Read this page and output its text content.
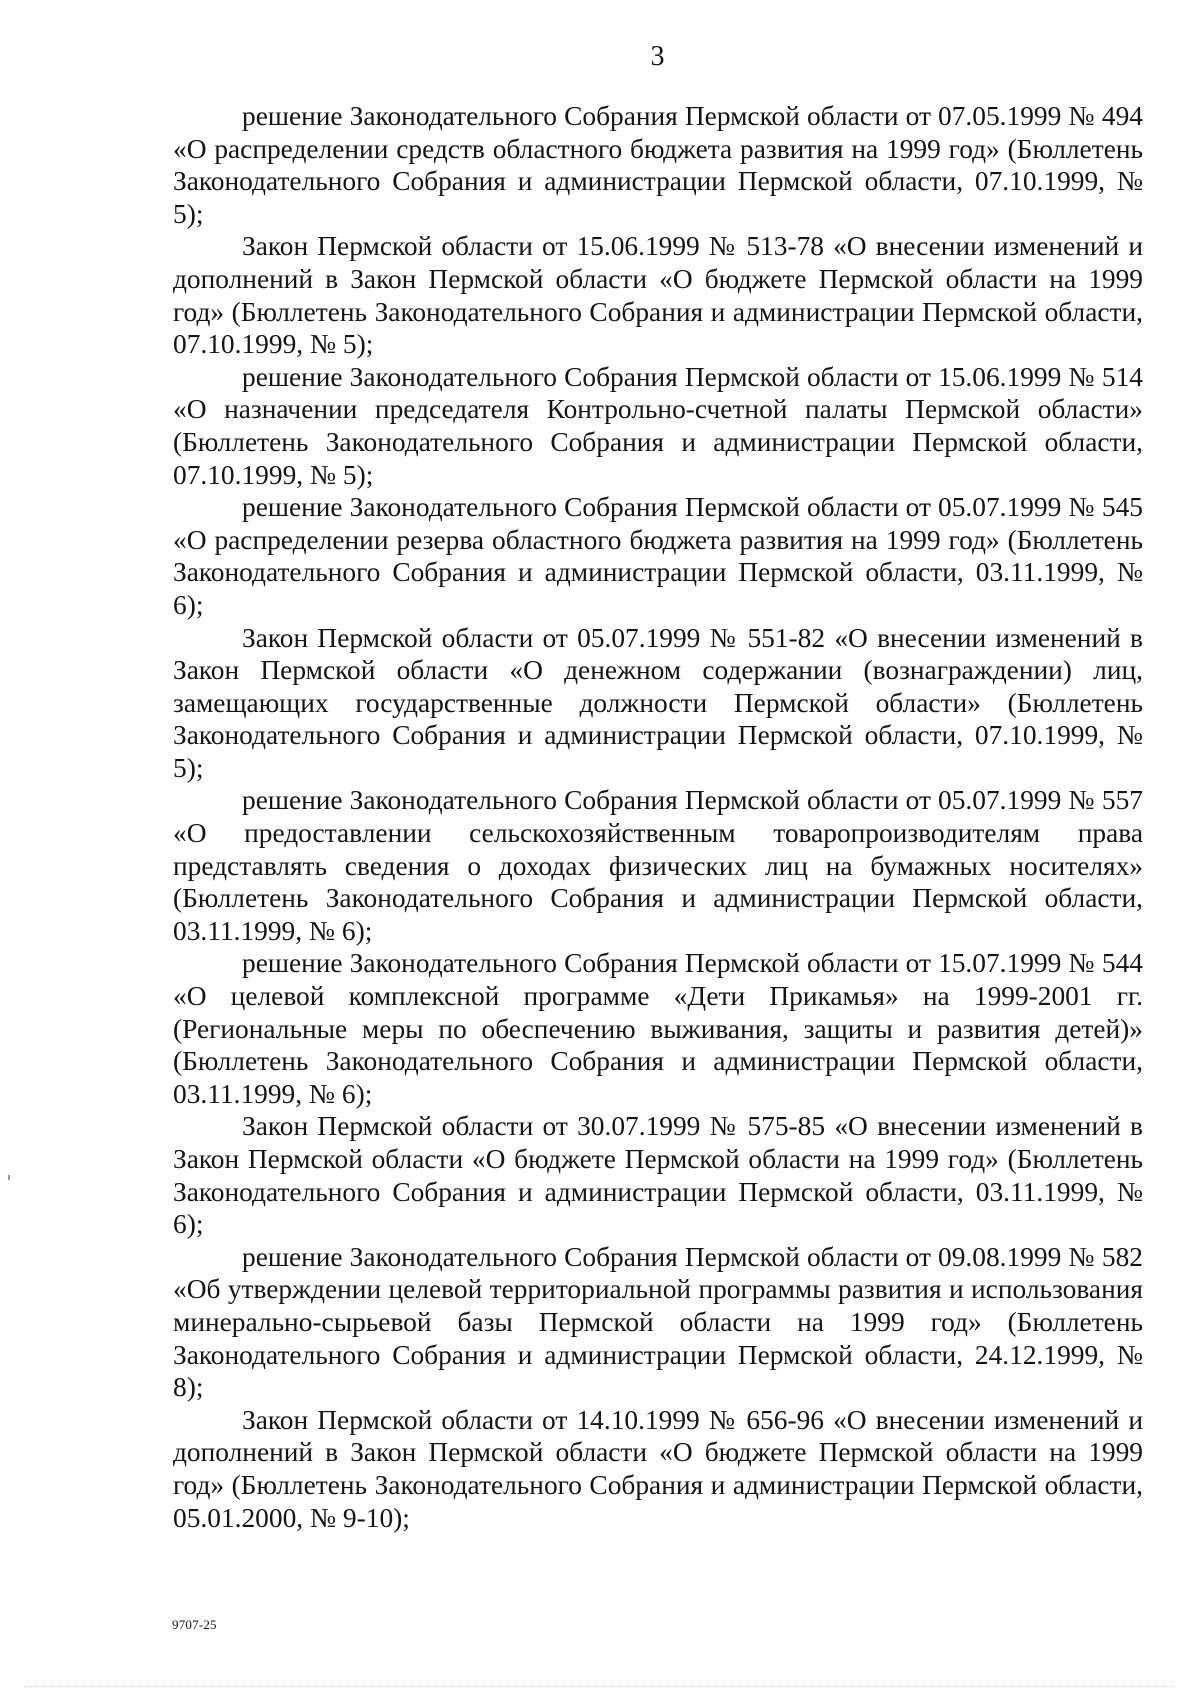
3

решение Законодательного Собрания Пермской области от 07.05.1999 № 494 «О распределении средств областного бюджета развития на 1999 год» (Бюллетень Законодательного Собрания и администрации Пермской области, 07.10.1999, № 5);

Закон Пермской области от 15.06.1999 № 513-78 «О внесении изменений и дополнений в Закон Пермской области «О бюджете Пермской области на 1999 год» (Бюллетень Законодательного Собрания и администрации Пермской области, 07.10.1999, № 5);

решение Законодательного Собрания Пермской области от 15.06.1999 № 514 «О назначении председателя Контрольно-счетной палаты Пермской области» (Бюллетень Законодательного Собрания и администрации Пермской области, 07.10.1999, № 5);

решение Законодательного Собрания Пермской области от 05.07.1999 № 545 «О распределении резерва областного бюджета развития на 1999 год» (Бюллетень Законодательного Собрания и администрации Пермской области, 03.11.1999, № 6);

Закон Пермской области от 05.07.1999 № 551-82 «О внесении изменений в Закон Пермской области «О денежном содержании (вознаграждении) лиц, замещающих государственные должности Пермской области» (Бюллетень Законодательного Собрания и администрации Пермской области, 07.10.1999, № 5);

решение Законодательного Собрания Пермской области от 05.07.1999 № 557 «О предоставлении сельскохозяйственным товаропроизводителям права представлять сведения о доходах физических лиц на бумажных носителях» (Бюллетень Законодательного Собрания и администрации Пермской области, 03.11.1999, № 6);

решение Законодательного Собрания Пермской области от 15.07.1999 № 544 «О целевой комплексной программе «Дети Прикамья» на 1999-2001 гг. (Региональные меры по обеспечению выживания, защиты и развития детей)» (Бюллетень Законодательного Собрания и администрации Пермской области, 03.11.1999, № 6);

Закон Пермской области от 30.07.1999 № 575-85 «О внесении изменений в Закон Пермской области «О бюджете Пермской области на 1999 год» (Бюллетень Законодательного Собрания и администрации Пермской области, 03.11.1999, № 6);

решение Законодательного Собрания Пермской области от 09.08.1999 № 582 «Об утверждении целевой территориальной программы развития и использования минерально-сырьевой базы Пермской области на 1999 год» (Бюллетень Законодательного Собрания и администрации Пермской области, 24.12.1999, № 8);

Закон Пермской области от 14.10.1999 № 656-96 «О внесении изменений и дополнений в Закон Пермской области «О бюджете Пермской области на 1999 год» (Бюллетень Законодательного Собрания и администрации Пермской области, 05.01.2000, № 9-10);

9707-25
